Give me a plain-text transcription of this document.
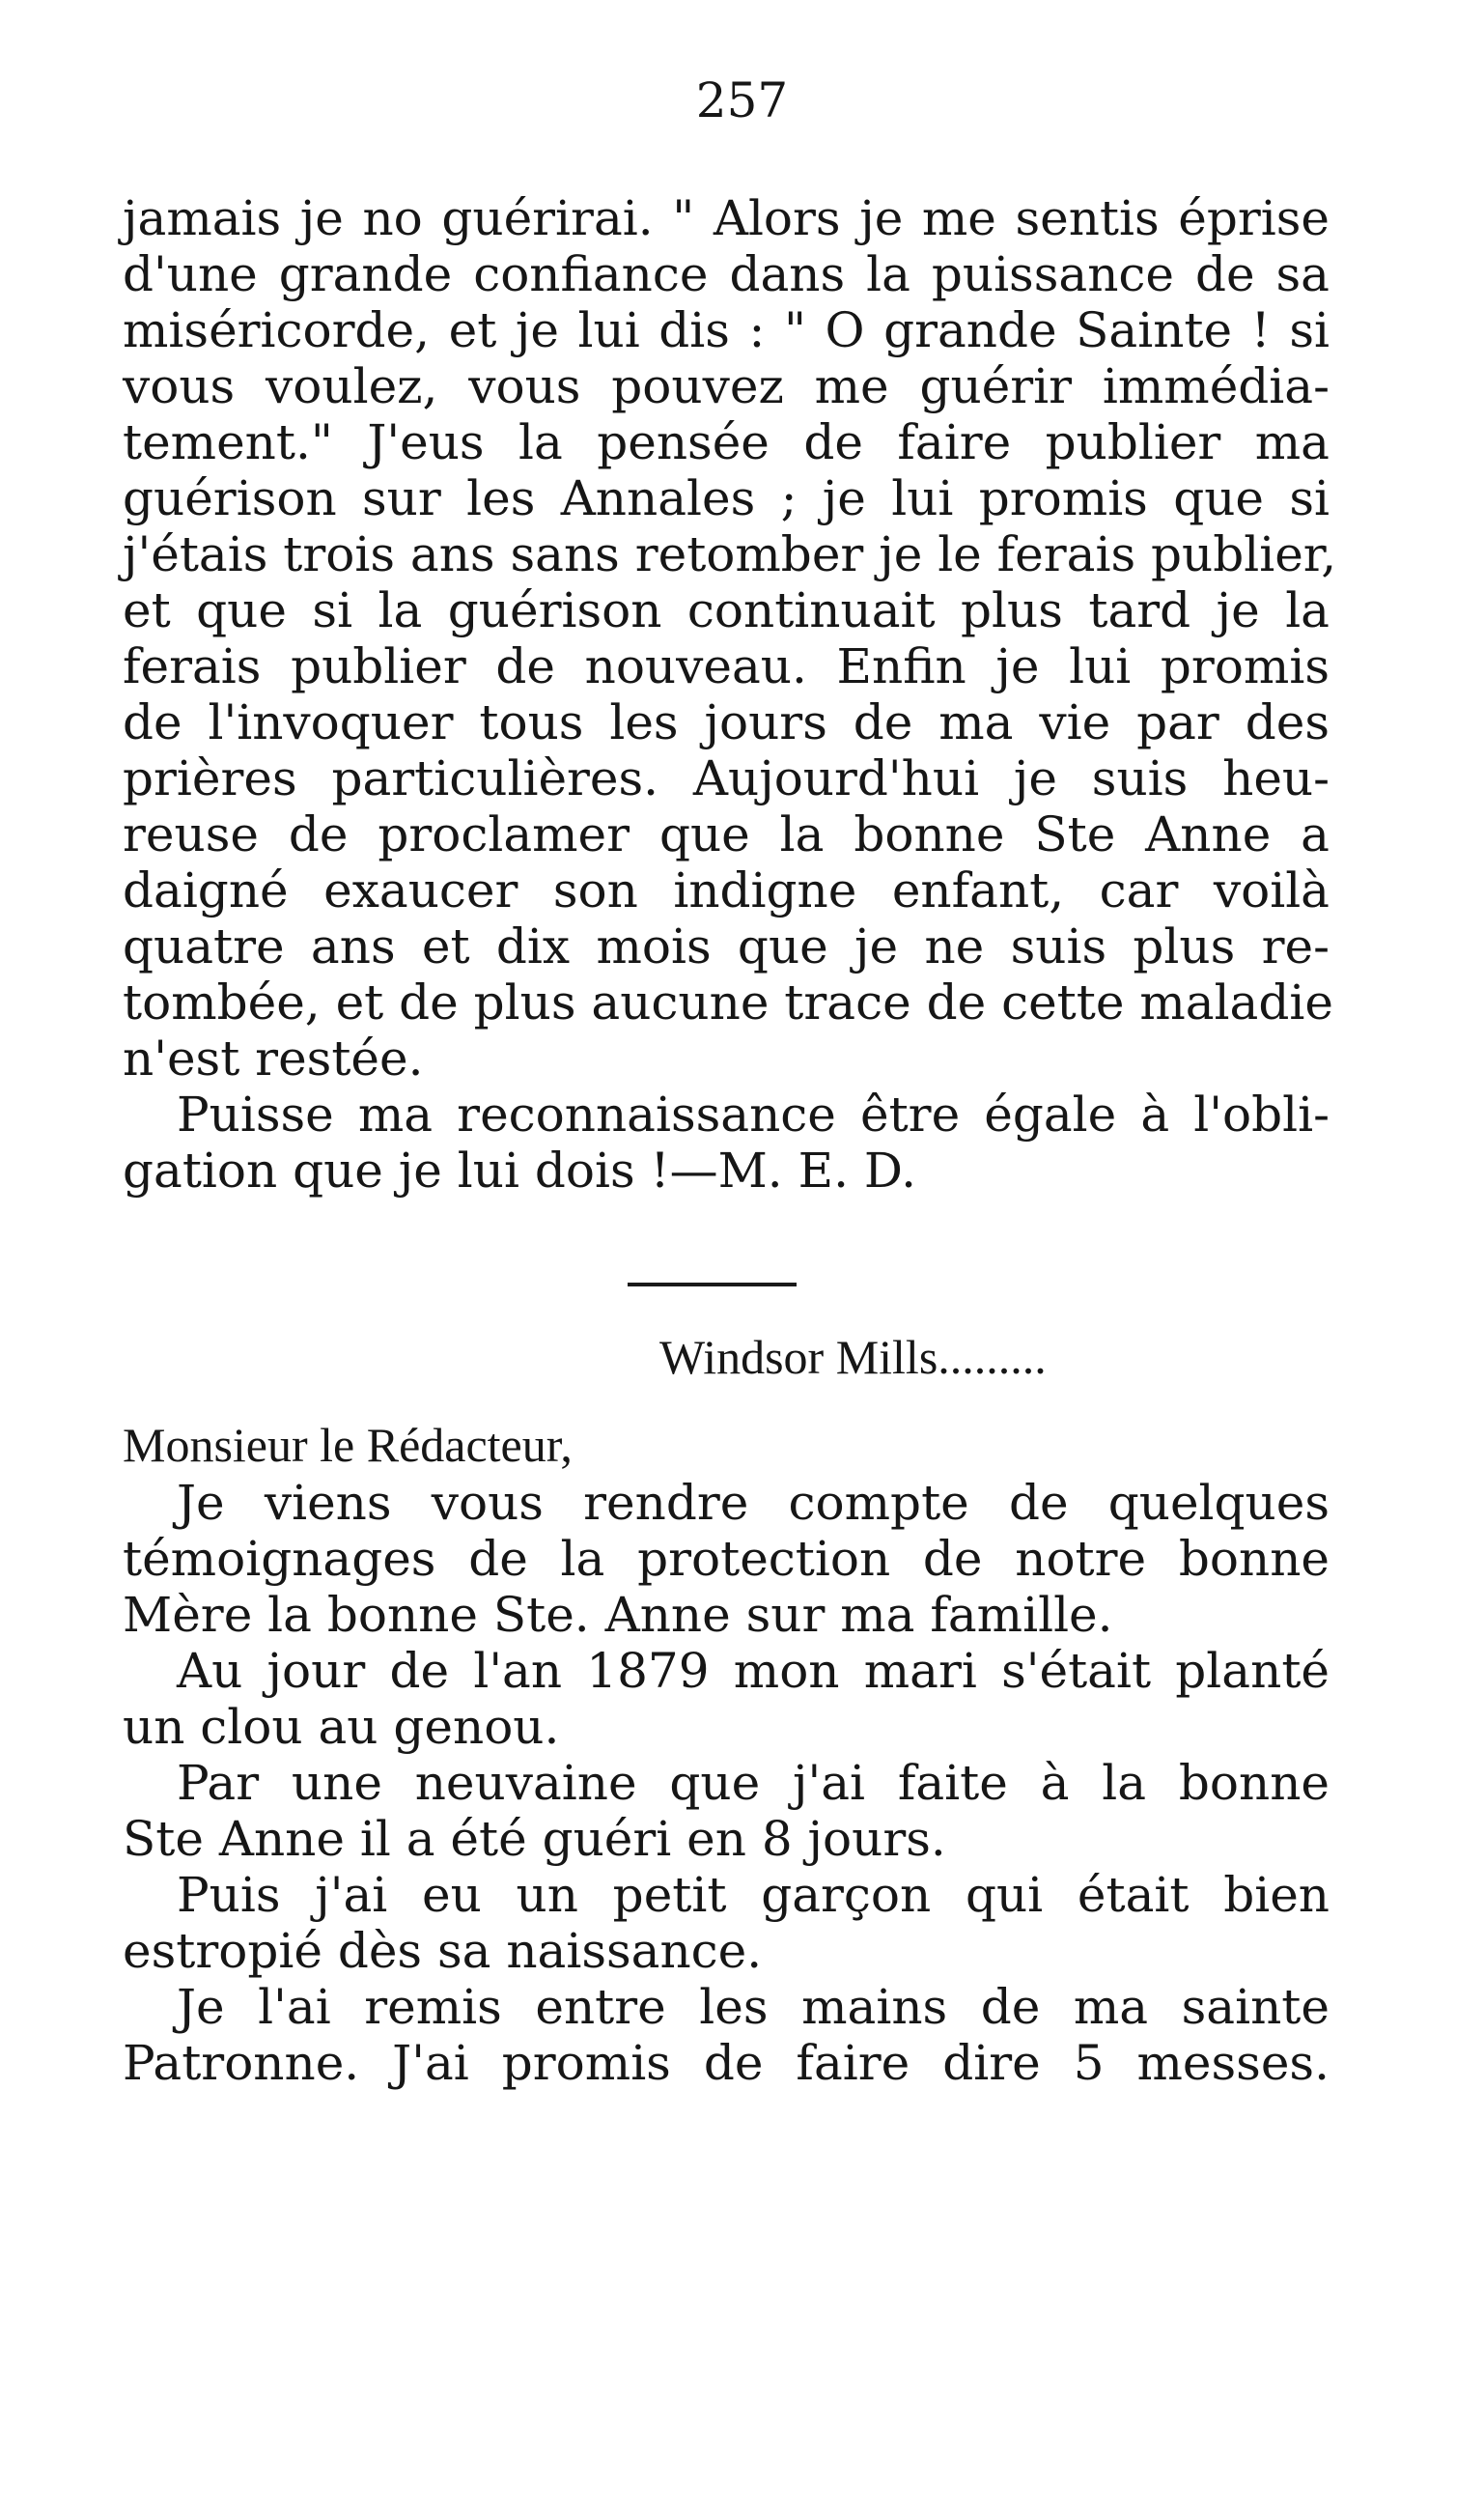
257
jamais je no guérirai. " Alors je me sentis éprise
d'une grande confiance dans la puissance de sa
miséricorde, et je lui dis : " O grande Sainte ! si
vous voulez, vous pouvez me guérir immédia-
tement." J'eus la pensée de faire publier ma
guérison sur les Annales ; je lui promis que si
j'étais trois ans sans retomber je le ferais publier,
et que si la guérison continuait plus tard je la
ferais publier de nouveau. Enfin je lui promis
de l'invoquer tous les jours de ma vie par des
prières particulières. Aujourd'hui je suis heu-
reuse de proclamer que la bonne Ste Anne a
daigné exaucer son indigne enfant, car voilà
quatre ans et dix mois que je ne suis plus re-
tombée, et de plus aucune trace de cette maladie
n'est restée.
Puisse ma reconnaissance être égale à l'obli-
gation que je lui dois !—M. E. D.
Windsor Mills.........
Monsieur le Rédacteur,
Je viens vous rendre compte de quelques
témoignages de la protection de notre bonne
Mère la bonne Ste. Anne sur ma famille.
Au jour de l'an 1879 mon mari s'était planté
un clou au genou.
Par une neuvaine que j'ai faite à la bonne
Ste Anne il a été guéri en 8 jours.
Puis j'ai eu un petit garçon qui était bien
estropié dès sa naissance.
Je l'ai remis entre les mains de ma sainte
Patronne. J'ai promis de faire dire 5 messes.
